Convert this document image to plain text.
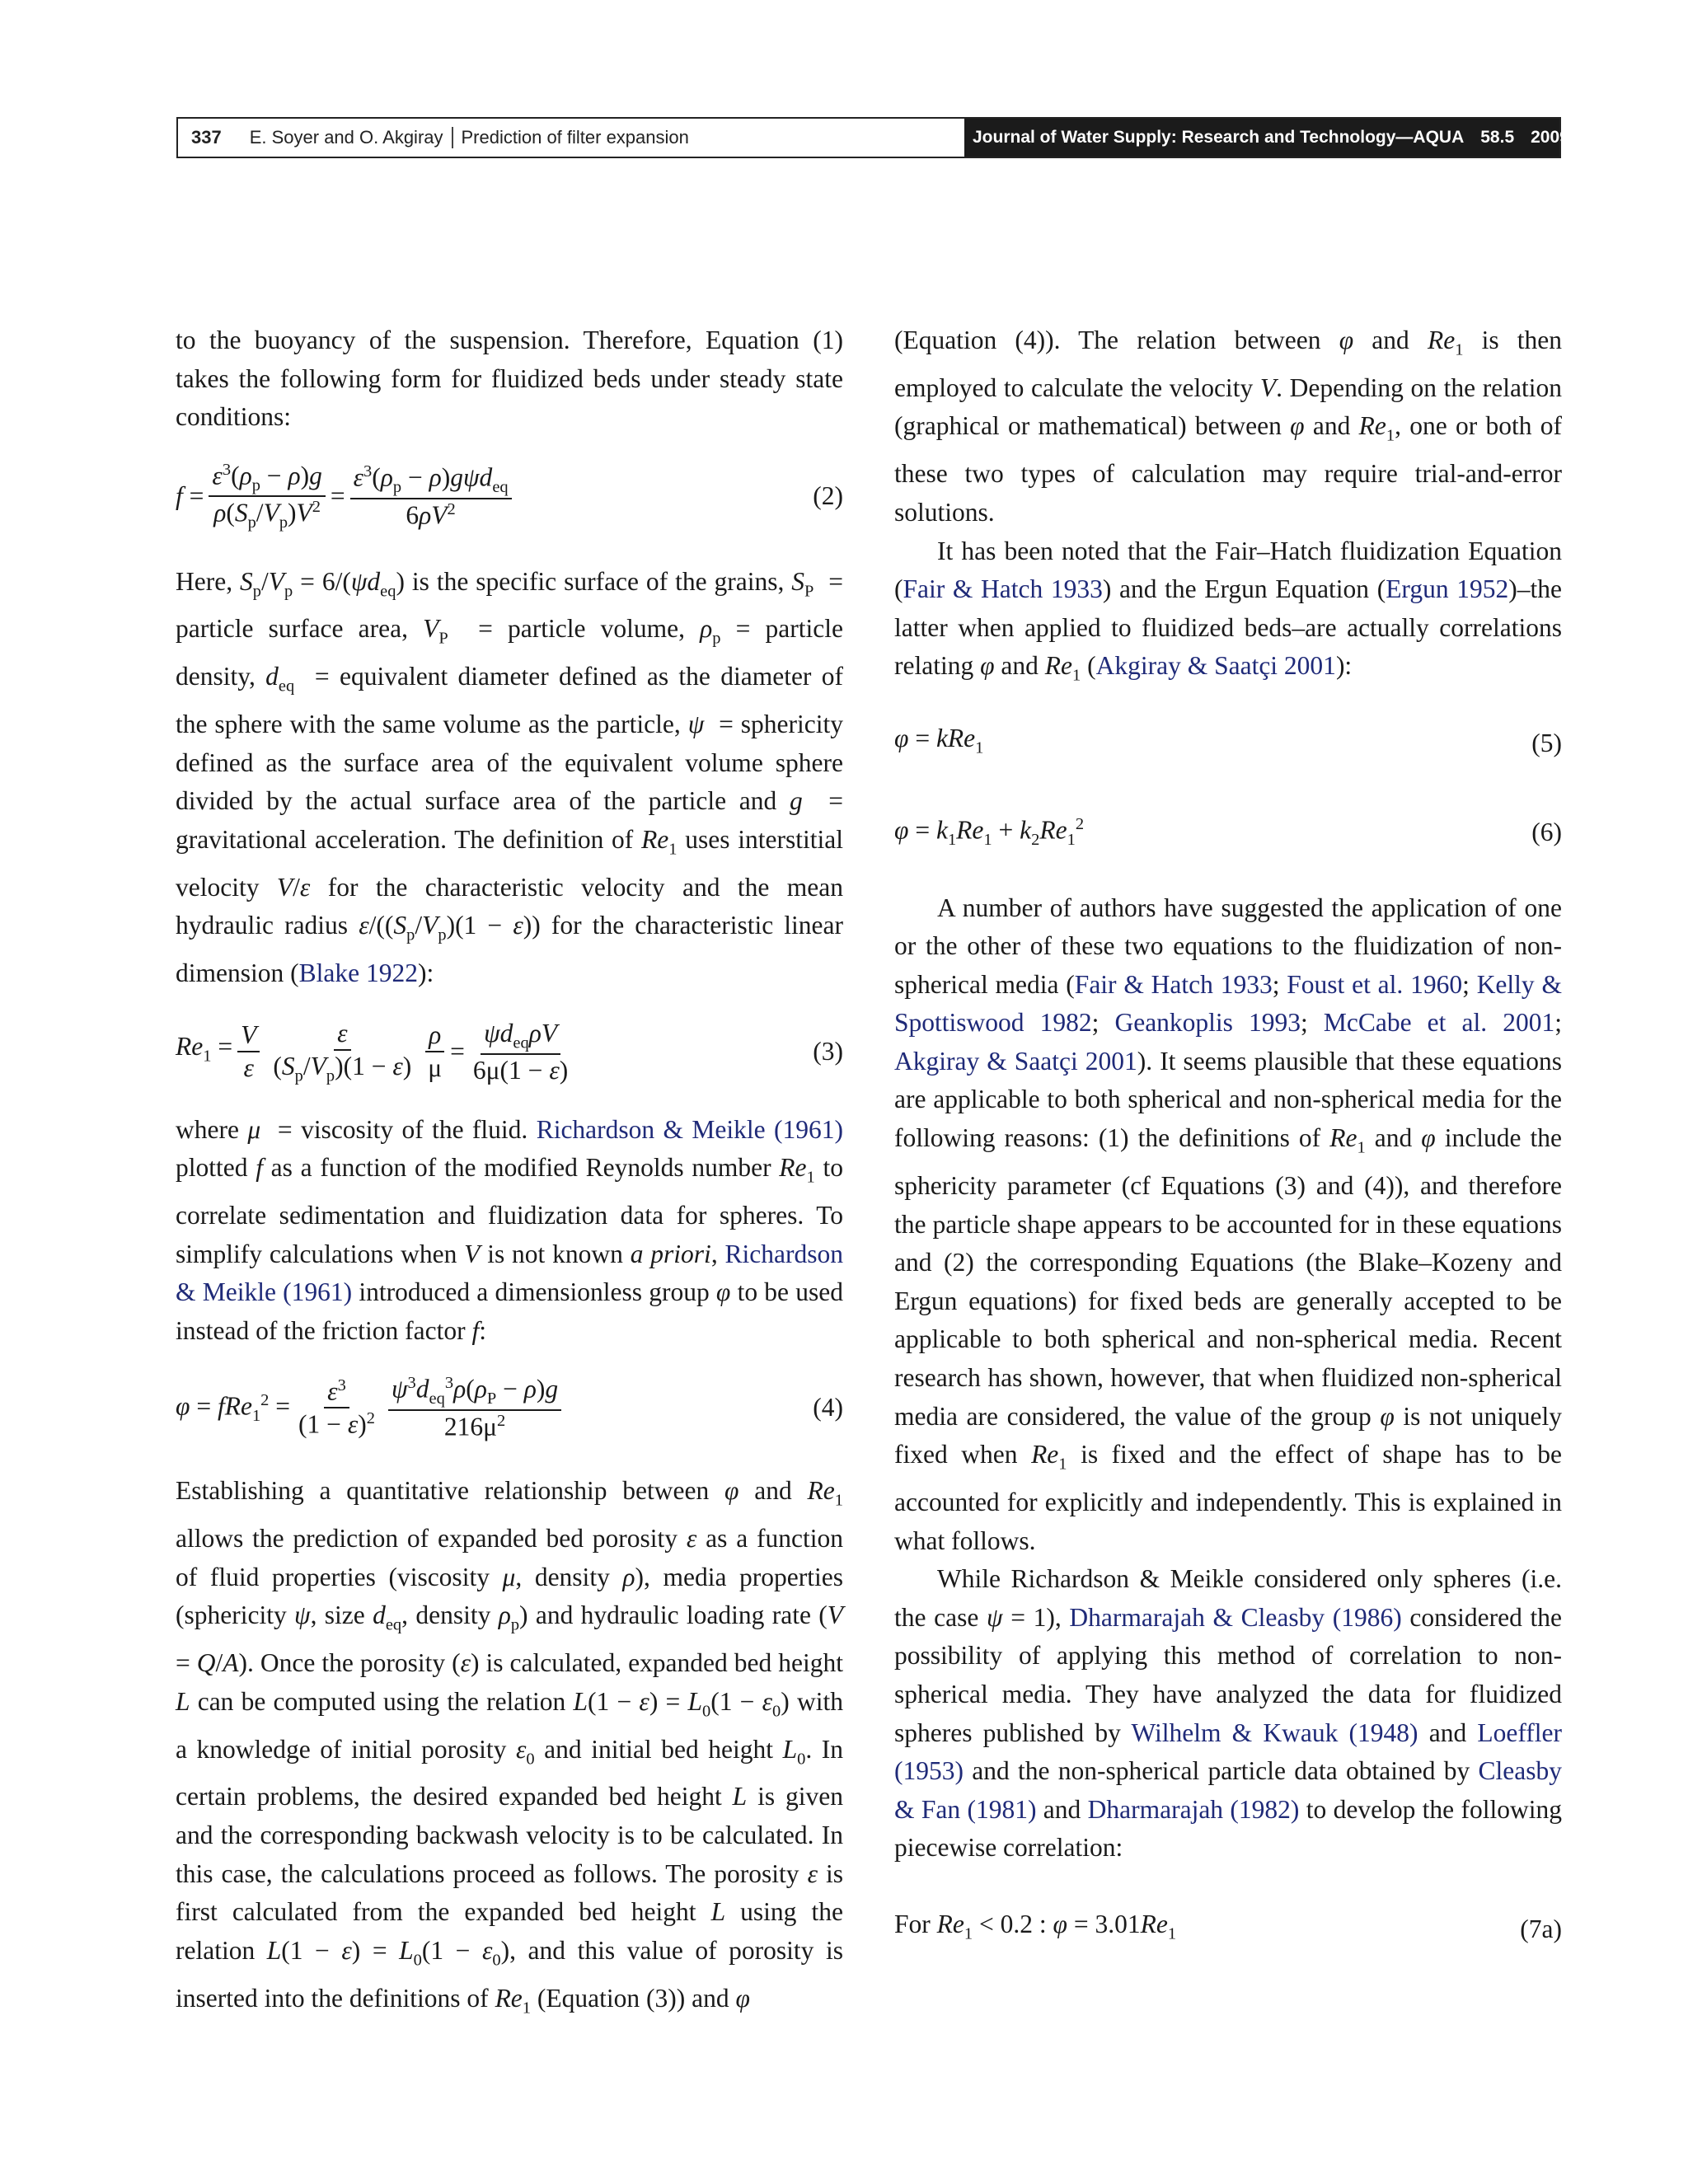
337 E. Soyer and O. Akgiray	Prediction of filter expansion	Journal of Water Supply: Research and Technology—AQUA 58.5 2009

to the buoyancy of the suspension. Therefore, Equation (1) takes the following form for fluidized beds under steady state conditions:

$f = \frac{\varepsilon^3(\rho_p - \rho)g}{\rho(S_p/V_p)V^2} = \frac{\varepsilon^3(\rho_p - \rho)g\psi d_{eq}}{6\rho V^2}$	(2)

Here, $S_p/V_p = 6/(\psi d_{eq})$ is the specific surface of the grains, $S_P$  = particle surface area, $V_P$  = particle volume, $\rho_p$ = particle density, $d_{eq}$  = equivalent diameter defined as the diameter of the sphere with the same volume as the particle, ψ  = sphericity defined as the surface area of the equivalent volume sphere divided by the actual surface area of the particle and g  = gravitational acceleration. The definition of $Re_1$ uses interstitial velocity V/ε for the characteristic velocity and the mean hydraulic radius $\varepsilon/((S_p/V_p)(1 - \varepsilon))$ for the characteristic linear dimension (Blake 1922):

$Re_1 = \frac{V}{\varepsilon} \frac{\varepsilon}{(S_p/V_p)(1 - \varepsilon)} \frac{\rho}{\mu} = \frac{\psi d_{eq}\rho V}{6\mu(1 - \varepsilon)}$	(3)

where μ  = viscosity of the fluid. Richardson & Meikle (1961) plotted f as a function of the modified Reynolds number $Re_1$ to correlate sedimentation and fluidization data for spheres. To simplify calculations when V is not known a priori, Richardson & Meikle (1961) introduced a dimensionless group φ to be used instead of the friction factor f:

$\varphi = fRe_1^2 = \frac{\varepsilon^3}{(1 - \varepsilon)^2} \frac{\psi^3d_{eq}^3\rho(\rho_P - \rho)g}{216\mu^2}$	(4)

Establishing a quantitative relationship between φ and $Re_1$ allows the prediction of expanded bed porosity ε as a function of fluid properties (viscosity μ, density ρ), media properties (sphericity ψ, size $d_{eq}$, density $\rho_p$) and hydraulic loading rate (V = Q/A). Once the porosity (ε) is calculated, expanded bed height L can be computed using the relation $L(1 - \varepsilon) = L_0(1 - \varepsilon_0)$ with a knowledge of initial porosity $\varepsilon_0$ and initial bed height $L_0$. In certain problems, the desired expanded bed height L is given and the corresponding backwash velocity is to be calculated. In this case, the calculations proceed as follows. The porosity ε is first calculated from the expanded bed height L using the relation $L(1 - \varepsilon) = L_0(1 - \varepsilon_0)$, and this value of porosity is inserted into the definitions of $Re_1$ (Equation (3)) and φ

(Equation (4)). The relation between φ and $Re_1$ is then employed to calculate the velocity V. Depending on the relation (graphical or mathematical) between φ and $Re_1$, one or both of these two types of calculation may require trial-and-error solutions.

It has been noted that the Fair–Hatch fluidization Equation (Fair & Hatch 1933) and the Ergun Equation (Ergun 1952)–the latter when applied to fluidized beds–are actually correlations relating φ and $Re_1$ (Akgiray & Saatçi 2001):

φ = kRe$_1$	(5)
$\varphi = k_1Re_1 + k_2Re_1^2$	(6)

A number of authors have suggested the application of one or the other of these two equations to the fluidization of non-spherical media (Fair & Hatch 1933; Foust et al. 1960; Kelly & Spottiswood 1982; Geankoplis 1993; McCabe et al. 2001; Akgiray & Saatçi 2001). It seems plausible that these equations are applicable to both spherical and non-spherical media for the following reasons: (1) the definitions of $Re_1$ and φ include the sphericity parameter (cf Equations (3) and (4)), and therefore the particle shape appears to be accounted for in these equations and (2) the corresponding Equations (the Blake–Kozeny and Ergun equations) for fixed beds are generally accepted to be applicable to both spherical and non-spherical media. Recent research has shown, however, that when fluidized non-spherical media are considered, the value of the group φ is not uniquely fixed when $Re_1$ is fixed and the effect of shape has to be accounted for explicitly and independently. This is explained in what follows.

While Richardson & Meikle considered only spheres (i.e. the case ψ = 1), Dharmarajah & Cleasby (1986) considered the possibility of applying this method of correlation to non-spherical media. They have analyzed the data for fluidized spheres published by Wilhelm & Kwauk (1948) and Loeffler (1953) and the non-spherical particle data obtained by Cleasby & Fan (1981) and Dharmarajah (1982) to develop the following piecewise correlation:

For $Re_1 < 0.2$ : $\varphi = 3.01Re_1$	(7a)
